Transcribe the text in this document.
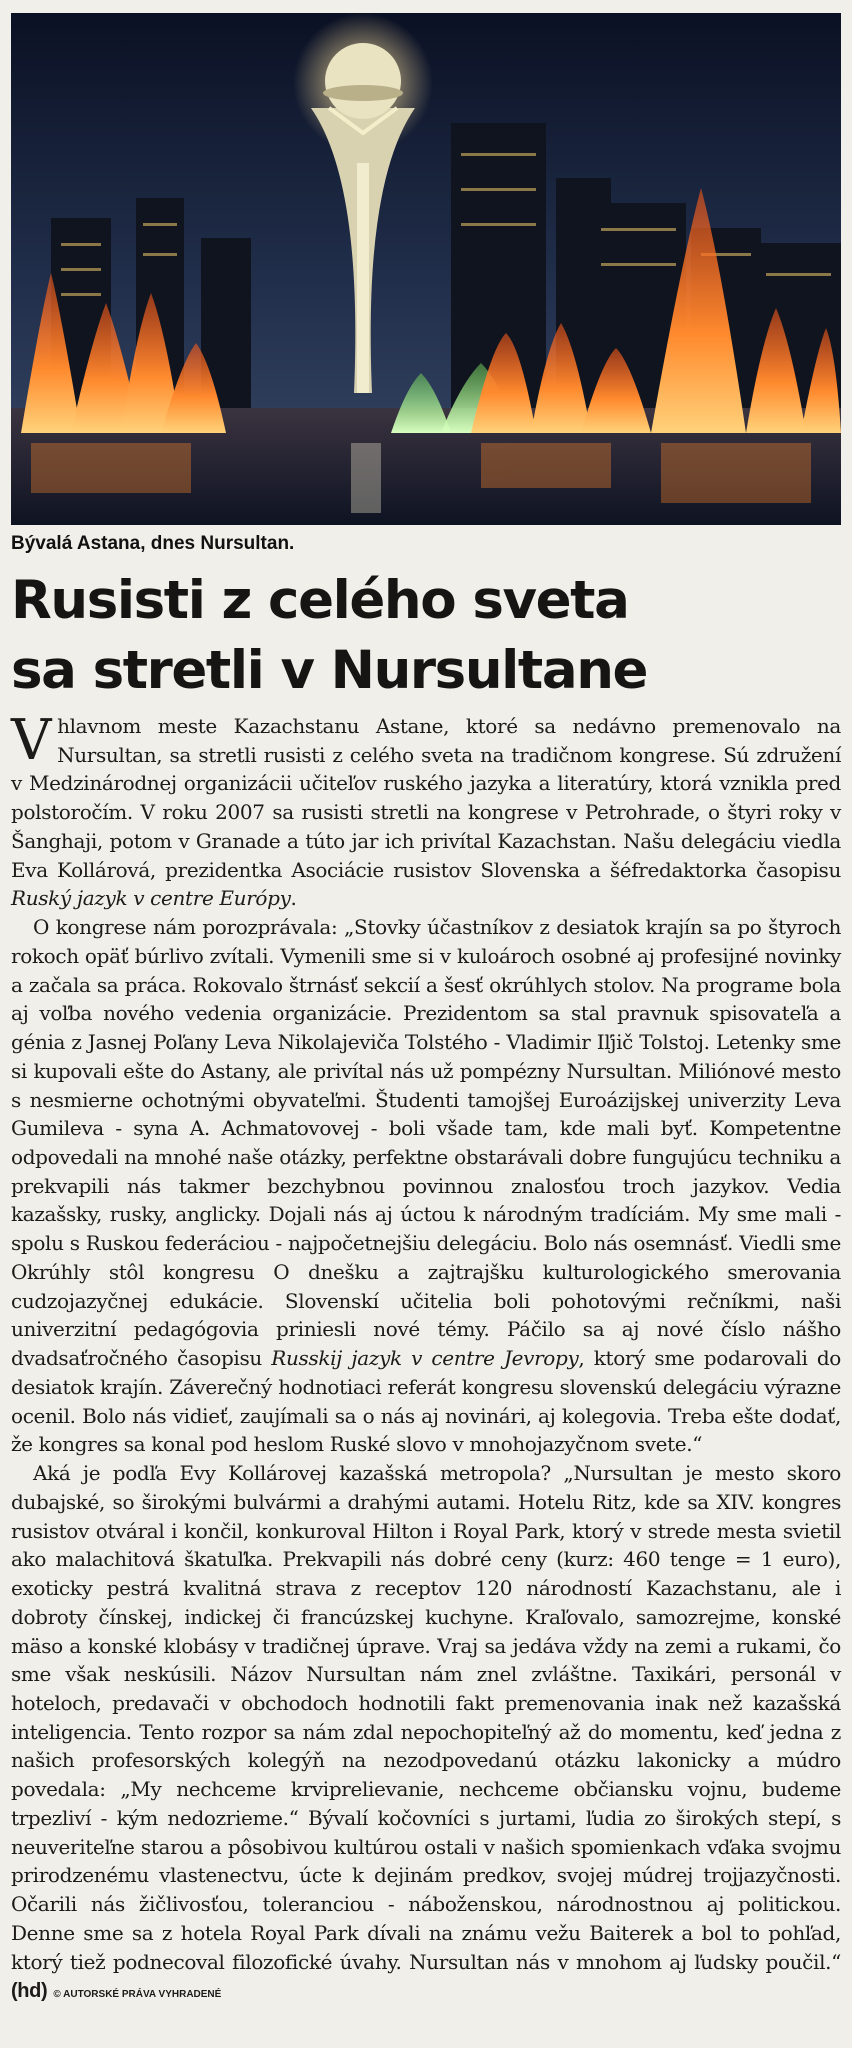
Bývalá Astana, dnes Nursultan.
Rusisti z celého sveta
sa stretli v Nursultane

Vhlavnom meste Kazachstanu Astane, ktoré sa nedávno premenovalo na Nursultan, sa stretli rusisti z celého sveta na tradičnom kongrese. Sú združení v Medzinárodnej organizácii učiteľov ruského jazyka a literatúry, ktorá vznikla pred polstoročím. V roku 2007 sa rusisti stretli na kongrese v Petrohrade, o štyri roky v Šanghaji, potom v Granade a túto jar ich privítal Kazachstan. Našu delegáciu viedla Eva Kollárová, prezidentka Asociácie rusistov Slovenska a šéfredaktorka časopisu Ruský jazyk v centre Európy.

O kongrese nám porozprávala: „Stovky účastníkov z desiatok krajín sa po štyroch rokoch opäť búrlivo zvítali. Vymenili sme si v kuloároch osobné aj profesijné novinky a začala sa práca. Rokovalo štrnásť sekcií a šesť okrúhlych stolov. Na programe bola aj voľba nového vedenia organizácie. Prezidentom sa stal pravnuk spisovateľa a génia z Jasnej Poľany Leva Nikolajeviča Tolstého - Vladimir Iľjič Tolstoj. Letenky sme si kupovali ešte do Astany, ale privítal nás už pompézny Nursultan. Miliónové mesto s nesmierne ochotnými obyvateľmi. Študenti tamojšej Euroázijskej univerzity Leva Gumileva - syna A. Achmatovovej - boli všade tam, kde mali byť. Kompetentne odpovedali na mnohé naše otázky, perfektne obstarávali dobre fungujúcu techniku a prekvapili nás takmer bezchybnou povinnou znalosťou troch jazykov. Vedia kazašsky, rusky, anglicky. Dojali nás aj úctou k národným tradíciám. My sme mali - spolu s Ruskou federáciou - najpočetnejšiu delegáciu. Bolo nás osemnásť. Viedli sme Okrúhly stôl kongresu O dnešku a zajtrajšku kulturologického smerovania cudzojazyčnej edukácie. Slovenskí učitelia boli pohotovými rečníkmi, naši univerzitní pedagógovia priniesli nové témy. Páčilo sa aj nové číslo nášho dvadsaťročného časopisu Russkij jazyk v centre Jevropy, ktorý sme podarovali do desiatok krajín. Záverečný hodnotiaci referát kongresu slovenskú delegáciu výrazne ocenil. Bolo nás vidieť, zaujímali sa o nás aj novinári, aj kolegovia. Treba ešte dodať, že kongres sa konal pod heslom Ruské slovo v mnohojazyčnom svete.“

Aká je podľa Evy Kollárovej kazašská metropola? „Nursultan je mesto skoro dubajské, so širokými bulvármi a drahými autami. Hotelu Ritz, kde sa XIV. kongres rusistov otváral i končil, konkuroval Hilton i Royal Park, ktorý v strede mesta svietil ako malachitová škatuľka. Prekvapili nás dobré ceny (kurz: 460 tenge = 1 euro), exoticky pestrá kvalitná strava z receptov 120 národností Kazachstanu, ale i dobroty čínskej, indickej či francúzskej kuchyne. Kraľovalo, samozrejme, konské mäso a konské klobásy v tradičnej úprave. Vraj sa jedáva vždy na zemi a rukami, čo sme však neskúsili. Názov Nursultan nám znel zvláštne. Taxikári, personál v hoteloch, predavači v obchodoch hodnotili fakt premenovania inak než kazašská inteligencia. Tento rozpor sa nám zdal nepochopiteľný až do momentu, keď jedna z našich profesorských kolegýň na nezodpovedanú otázku lakonicky a múdro povedala: „My nechceme krviprelievanie, nechceme občiansku vojnu, budeme trpezliví - kým nedozrieme.“ Bývalí kočovníci s jurtami, ľudia zo širokých stepí, s neuveriteľne starou a pôsobivou kultúrou ostali v našich spomienkach vďaka svojmu prirodzenému vlastenectvu, úcte k dejinám predkov, svojej múdrej trojjazyčnosti. Očarili nás žičlivosťou, toleranciou - náboženskou, národnostnou aj politickou. Denne sme sa z hotela Royal Park dívali na známu vežu Baiterek a bol to pohľad, ktorý tiež podnecoval filozofické úvahy. Nursultan nás v mnohom aj ľudsky poučil.“ (hd) © AUTORSKÉ PRÁVA VYHRADENÉ
